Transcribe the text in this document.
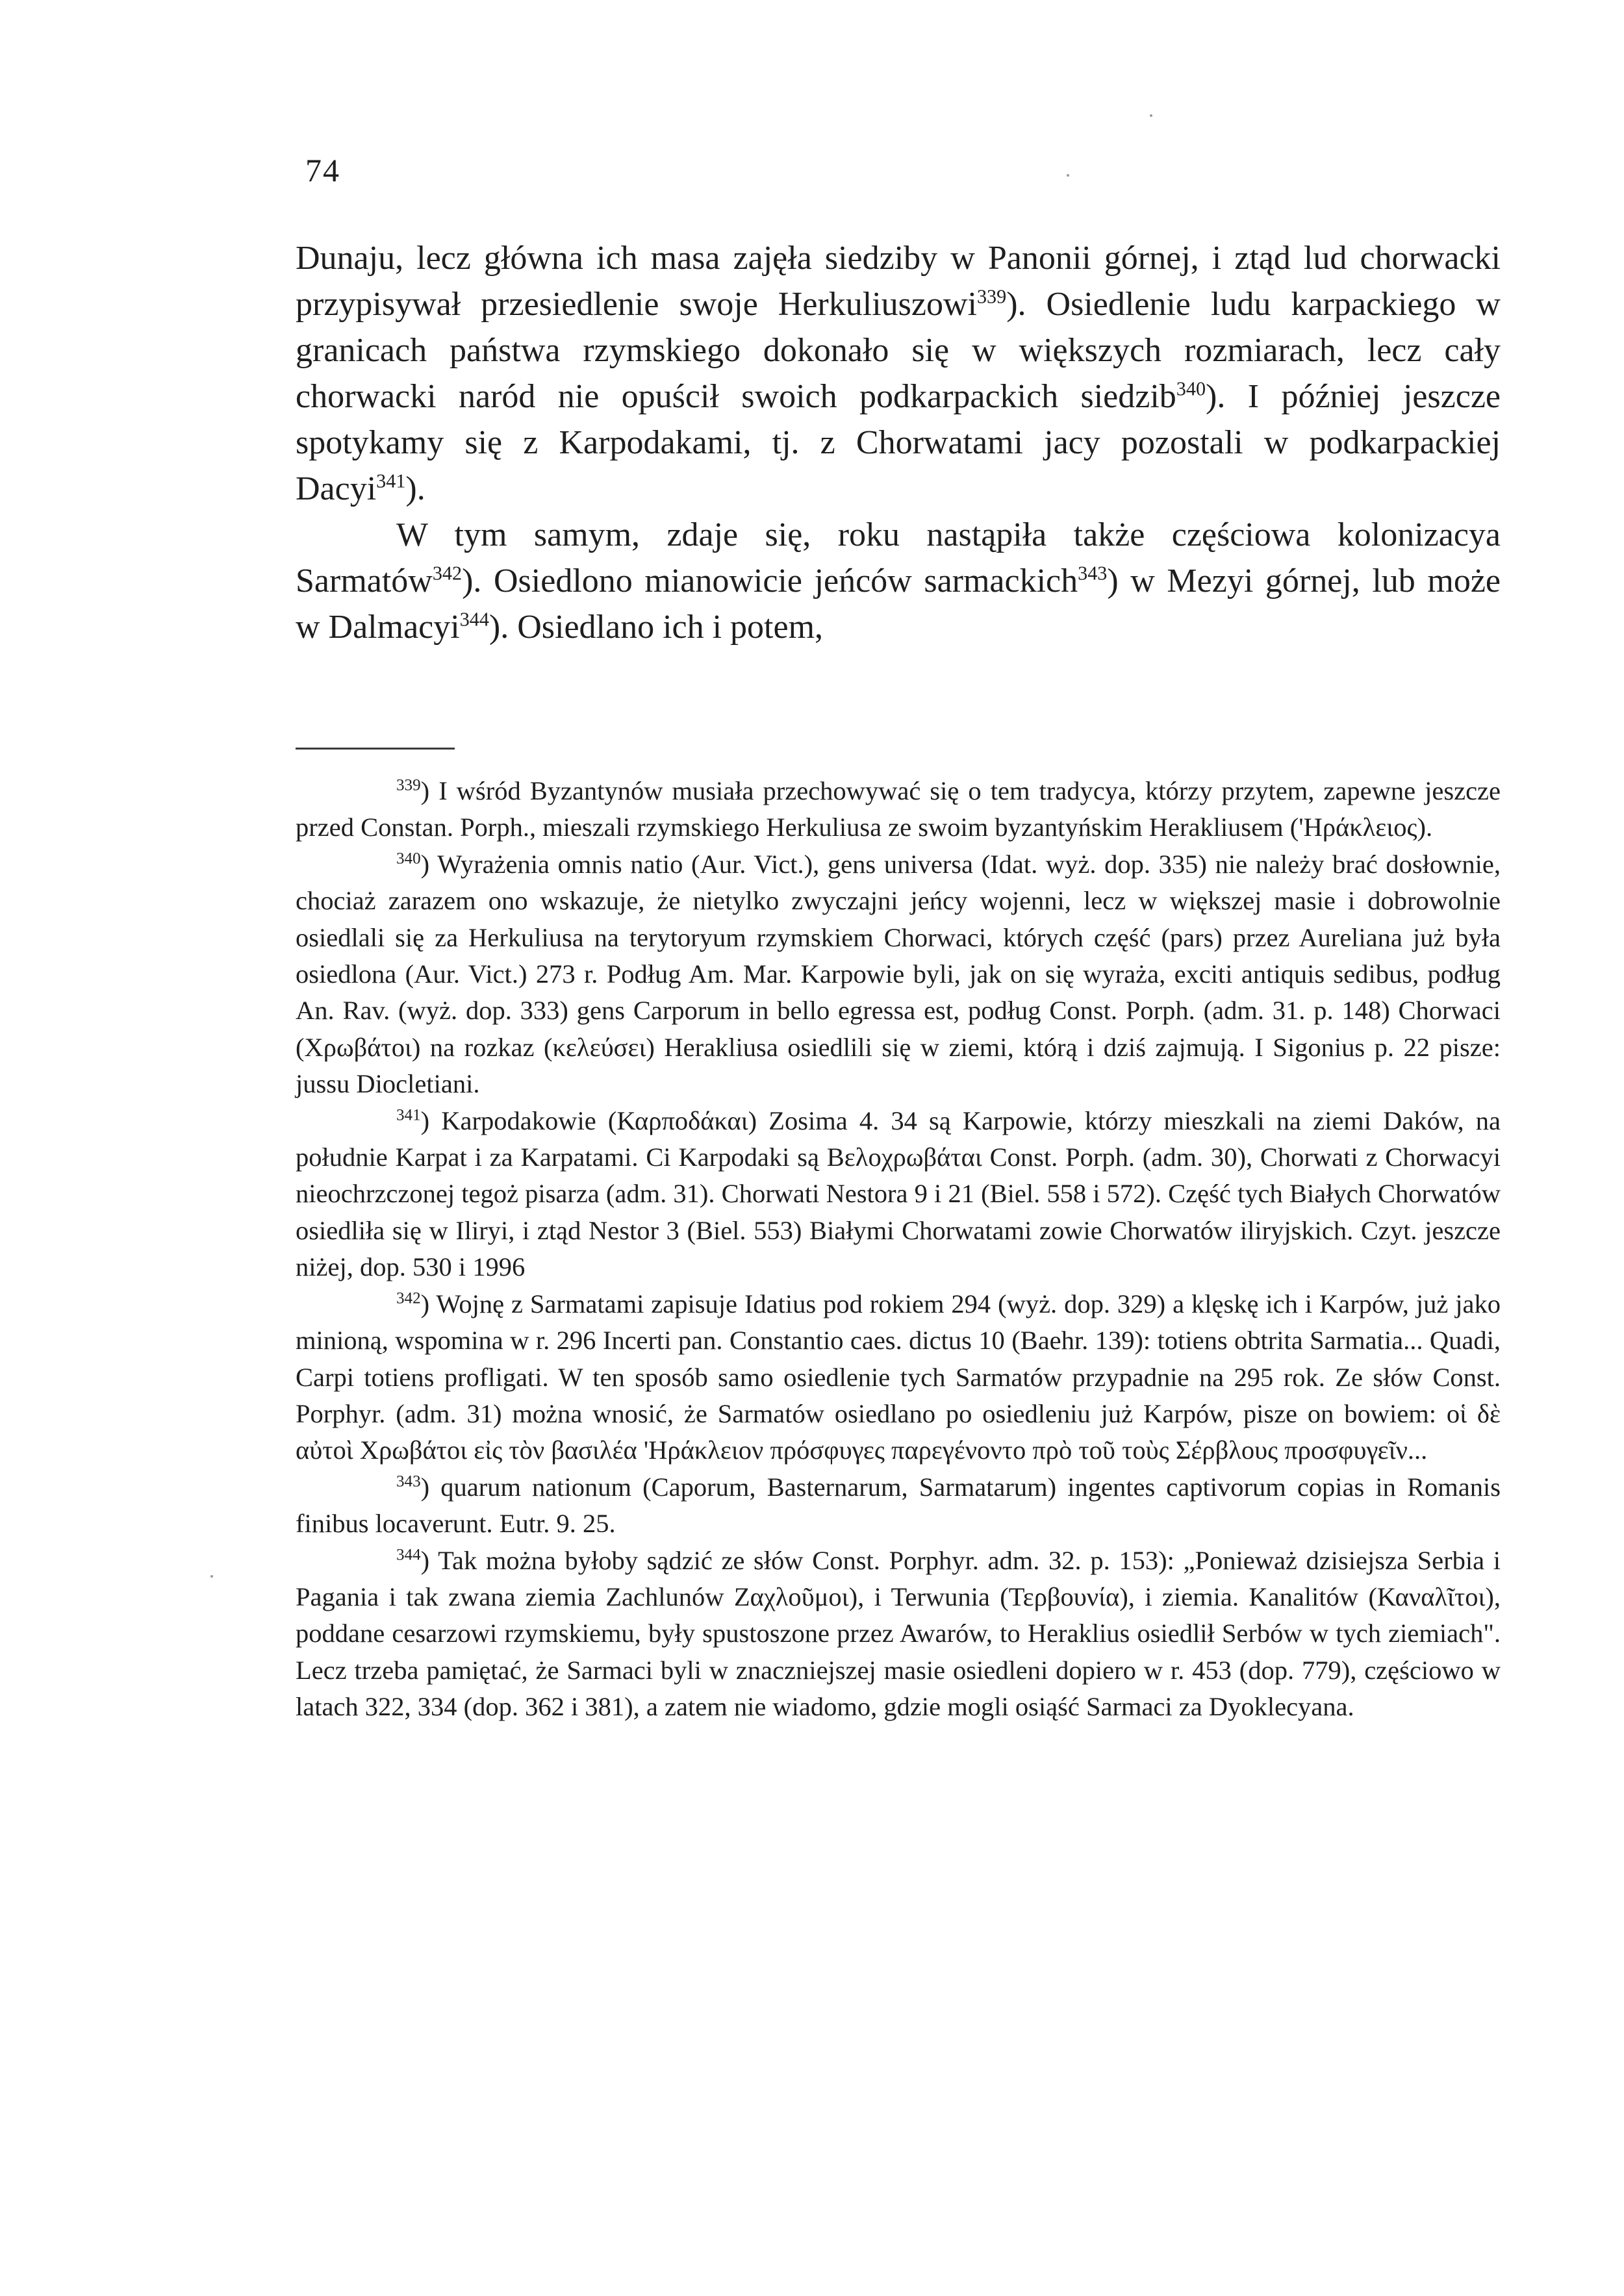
74

Dunaju, lecz główna ich masa zajęła siedziby w Panonii górnej, i ztąd lud chorwacki przypisywał przesiedlenie swoje Herkuliuszowi$^{339}$). Osiedlenie ludu karpackiego w granicach państwa rzymskiego dokonało się w większych rozmiarach, lecz cały chorwacki naród nie opuścił swoich podkarpackich siedzib$^{340}$). I później jeszcze spotykamy się z Karpodakami, tj. z Chorwatami jacy pozostali w podkarpackiej Dacyi$^{341}$).

W tym samym, zdaje się, roku nastąpiła także częściowa kolonizacya Sarmatów$^{342}$). Osiedlono mianowicie jeńców sarmackich$^{343}$) w Mezyi górnej, lub może w Dalmacyi$^{344}$). Osiedlano ich i potem,

$^{339}$) I wśród Byzantynów musiała przechowywać się o tem tradycya, którzy przytem, zapewne jeszcze przed Constan. Porph., mieszali rzymskiego Herkuliusa ze swoim byzantyńskim Herakliusem ('Ηράκλειος).

$^{340}$) Wyrażenia omnis natio (Aur. Vict.), gens universa (Idat. wyż. dop. 335) nie należy brać dosłownie, chociaż zarazem ono wskazuje, że nietylko zwyczajni jeńcy wojenni, lecz w większej masie i dobrowolnie osiedlali się za Herkuliusa na terytoryum rzymskiem Chorwaci, których część (pars) przez Aureliana już była osiedlona (Aur. Vict.) 273 r. Podług Am. Mar. Karpowie byli, jak on się wyraża, exciti antiquis sedibus, podług An. Rav. (wyż. dop. 333) gens Carporum in bello egressa est, podług Const. Porph. (adm. 31. p. 148) Chorwaci (Χρωβάτοι) na rozkaz (κελεύσει) Herakliusa osiedlili się w ziemi, którą i dziś zajmują. I Sigonius p. 22 pisze: jussu Diocletiani.

$^{341}$) Karpodakowie (Καρποδάκαι) Zosima 4. 34 są Karpowie, którzy mieszkali na ziemi Daków, na południe Karpat i za Karpatami. Ci Karpodaki są Βελοχρωβάται Const. Porph. (adm. 30), Chorwati z Chorwacyi nieochrzczonej tegoż pisarza (adm. 31). Chorwati Nestora 9 i 21 (Biel. 558 i 572). Część tych Białych Chorwatów osiedliła się w Iliryi, i ztąd Nestor 3 (Biel. 553) Białymi Chorwatami zowie Chorwatów iliryjskich. Czyt. jeszcze niżej, dop. 530 i 1996

$^{342}$) Wojnę z Sarmatami zapisuje Idatius pod rokiem 294 (wyż. dop. 329) a klęskę ich i Karpów, już jako minioną, wspomina w r. 296 Incerti pan. Constantio caes. dictus 10 (Baehr. 139): totiens obtrita Sarmatia... Quadi, Carpi totiens profligati. W ten sposób samo osiedlenie tych Sarmatów przypadnie na 295 rok. Ze słów Const. Porphyr. (adm. 31) można wnosić, że Sarmatów osiedlano po osiedleniu już Karpów, pisze on bowiem: οἱ δὲ αὐτοὶ Χρωβάτοι εἰς τὸν βασιλέα 'Ηράκλειον πρόσφυγες παρεγένοντο πρὸ τοῦ τοὺς Σέρβλους προσφυγεῖν...

$^{343}$) quarum nationum (Caporum, Basternarum, Sarmatarum) ingentes captivorum copias in Romanis finibus locaverunt. Eutr. 9. 25.

$^{344}$) Tak można byłoby sądzić ze słów Const. Porphyr. adm. 32. p. 153): „Ponieważ dzisiejsza Serbia i Pagania i tak zwana ziemia Zachlunów Ζαχλοῦμοι), i Terwunia (Τερβουνία), i ziemia. Kanalitów (Καναλῖτοι), poddane cesarzowi rzymskiemu, były spustoszone przez Awarów, to Heraklius osiedlił Serbów w tych ziemiach". Lecz trzeba pamiętać, że Sarmaci byli w znaczniejszej masie osiedleni dopiero w r. 453 (dop. 779), częściowo w latach 322, 334 (dop. 362 i 381), a zatem nie wiadomo, gdzie mogli osiąść Sarmaci za Dyoklecyana.
